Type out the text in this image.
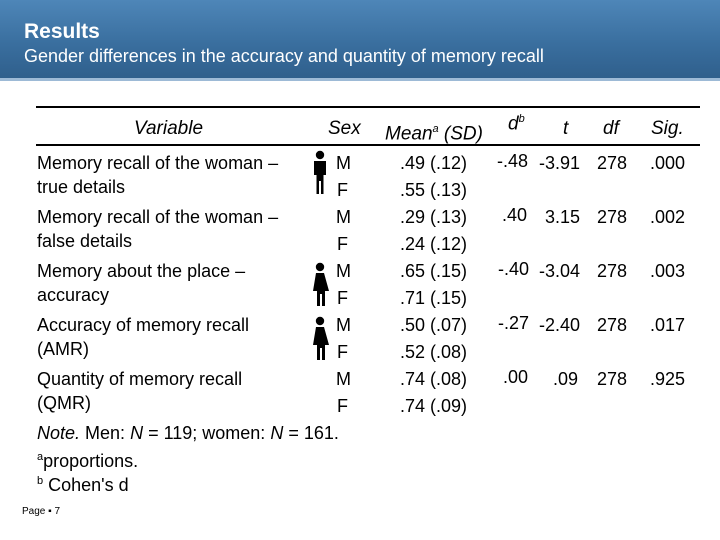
Results
Gender differences in the accuracy and quantity of memory recall
Variable	Sex Mean$^a$ (SD) $d^b$ t df Sig.
Memory recall of the woman –
true details
M
F
.49 (.12)
.55 (.13)
-.48 -3.91 278 .000
Memory recall of the woman –
false details
M
F
.29 (.13)
.24 (.12)
.40 3.15 278 .002
Memory about the place –
accuracy
M
F
.65 (.15)
.71 (.15)
-.40 -3.04 278 .003
Accuracy of memory recall
(AMR)
M
F
.50 (.07)
.52 (.08)
-.27 -2.40 278 .017
Quantity of memory recall
(QMR)
M
F
.74 (.08)
.74 (.09)
.00 .09 278 .925
Note. Men: N = 119; women: N = 161.
$^a$proportions.
$^b$ Cohen's d
Page ▪ 7
